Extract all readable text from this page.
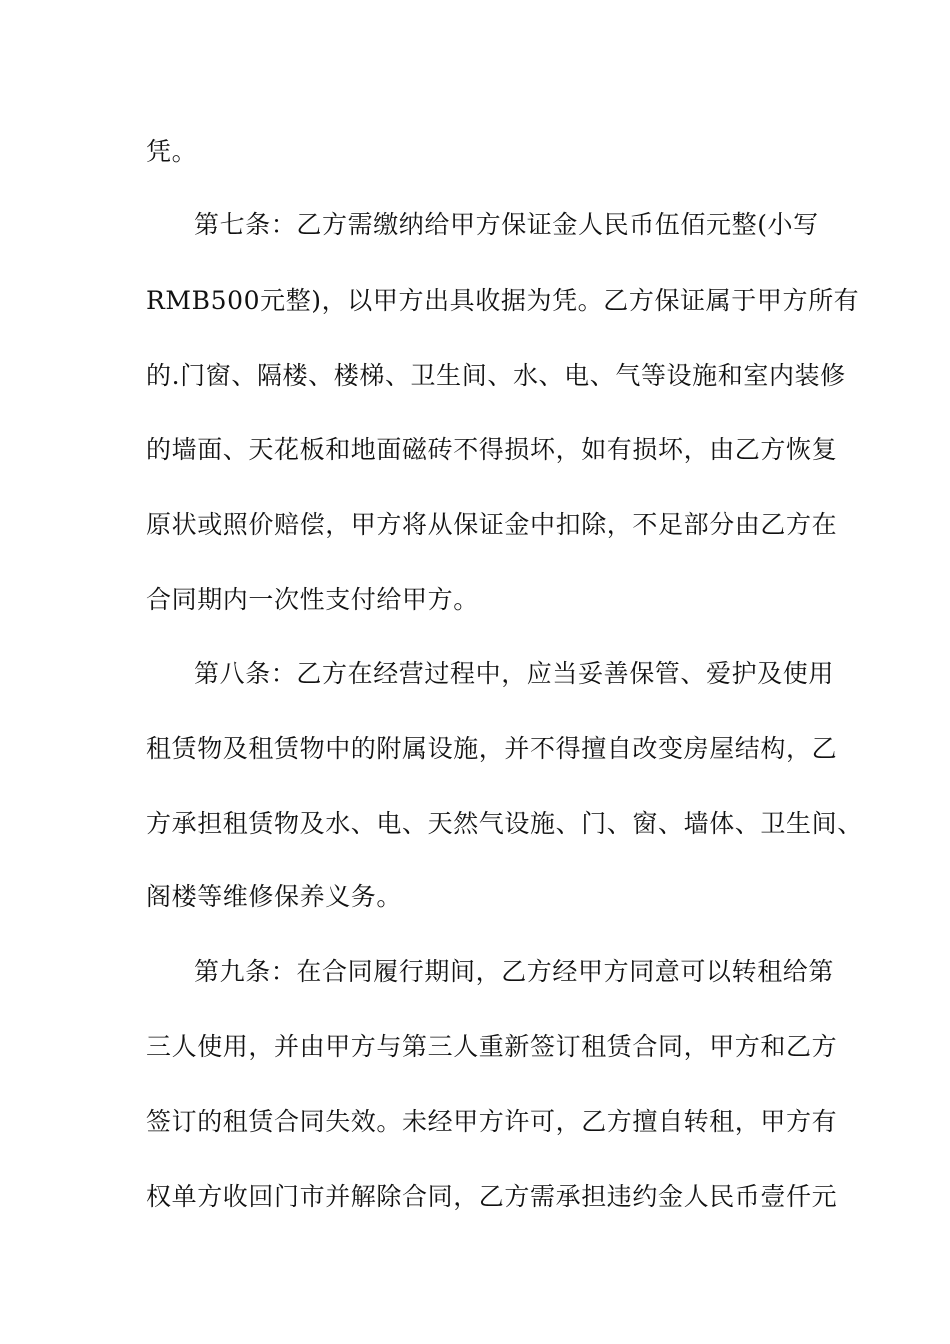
凭。
第七条：乙方需缴纳给甲方保证金人民币伍佰元整(小写
RMB500元整)，以甲方出具收据为凭。乙方保证属于甲方所有
的.门窗、隔楼、楼梯、卫生间、水、电、气等设施和室内装修
的墙面、天花板和地面磁砖不得损坏，如有损坏，由乙方恢复
原状或照价赔偿，甲方将从保证金中扣除，不足部分由乙方在
合同期内一次性支付给甲方。
第八条：乙方在经营过程中，应当妥善保管、爱护及使用
租赁物及租赁物中的附属设施，并不得擅自改变房屋结构，乙
方承担租赁物及水、电、天然气设施、门、窗、墙体、卫生间、
阁楼等维修保养义务。
第九条：在合同履行期间，乙方经甲方同意可以转租给第
三人使用，并由甲方与第三人重新签订租赁合同，甲方和乙方
签订的租赁合同失效。未经甲方许可，乙方擅自转租，甲方有
权单方收回门市并解除合同，乙方需承担违约金人民币壹仟元
